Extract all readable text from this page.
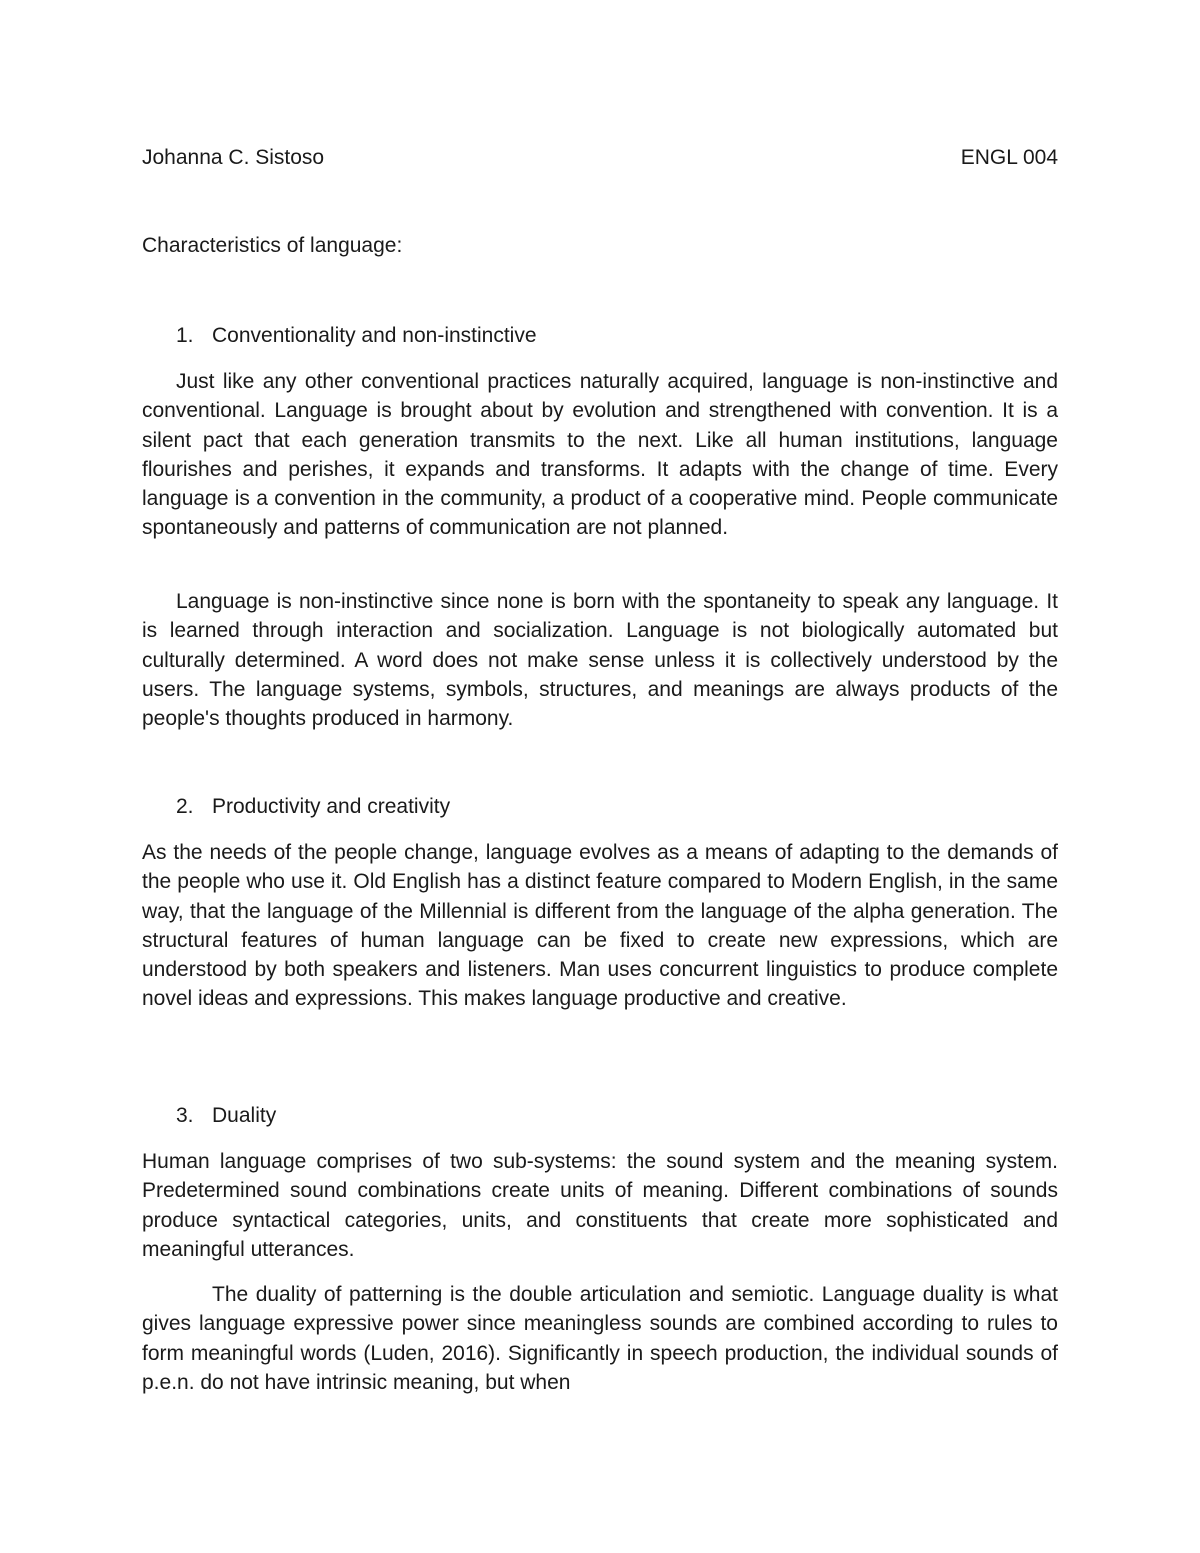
Johanna C. Sistoso	ENGL 004
Characteristics of language:
1. Conventionality and non-instinctive

Just like any other conventional practices naturally acquired, language is non-instinctive and conventional. Language is brought about by evolution and strengthened with convention. It is a silent pact that each generation transmits to the next. Like all human institutions, language flourishes and perishes, it expands and transforms. It adapts with the change of time. Every language is a convention in the community, a product of a cooperative mind. People communicate spontaneously and patterns of communication are not planned.

Language is non-instinctive since none is born with the spontaneity to speak any language. It is learned through interaction and socialization. Language is not biologically automated but culturally determined. A word does not make sense unless it is collectively understood by the users. The language systems, symbols, structures, and meanings are always products of the people's thoughts produced in harmony.

2. Productivity and creativity

As the needs of the people change, language evolves as a means of adapting to the demands of the people who use it. Old English has a distinct feature compared to Modern English, in the same way, that the language of the Millennial is different from the language of the alpha generation. The structural features of human language can be fixed to create new expressions, which are understood by both speakers and listeners. Man uses concurrent linguistics to produce complete novel ideas and expressions. This makes language productive and creative.

3. Duality

Human language comprises of two sub-systems: the sound system and the meaning system. Predetermined sound combinations create units of meaning. Different combinations of sounds produce syntactical categories, units, and constituents that create more sophisticated and meaningful utterances.

The duality of patterning is the double articulation and semiotic. Language duality is what gives language expressive power since meaningless sounds are combined according to rules to form meaningful words (Luden, 2016). Significantly in speech production, the individual sounds of p.e.n. do not have intrinsic meaning, but when
